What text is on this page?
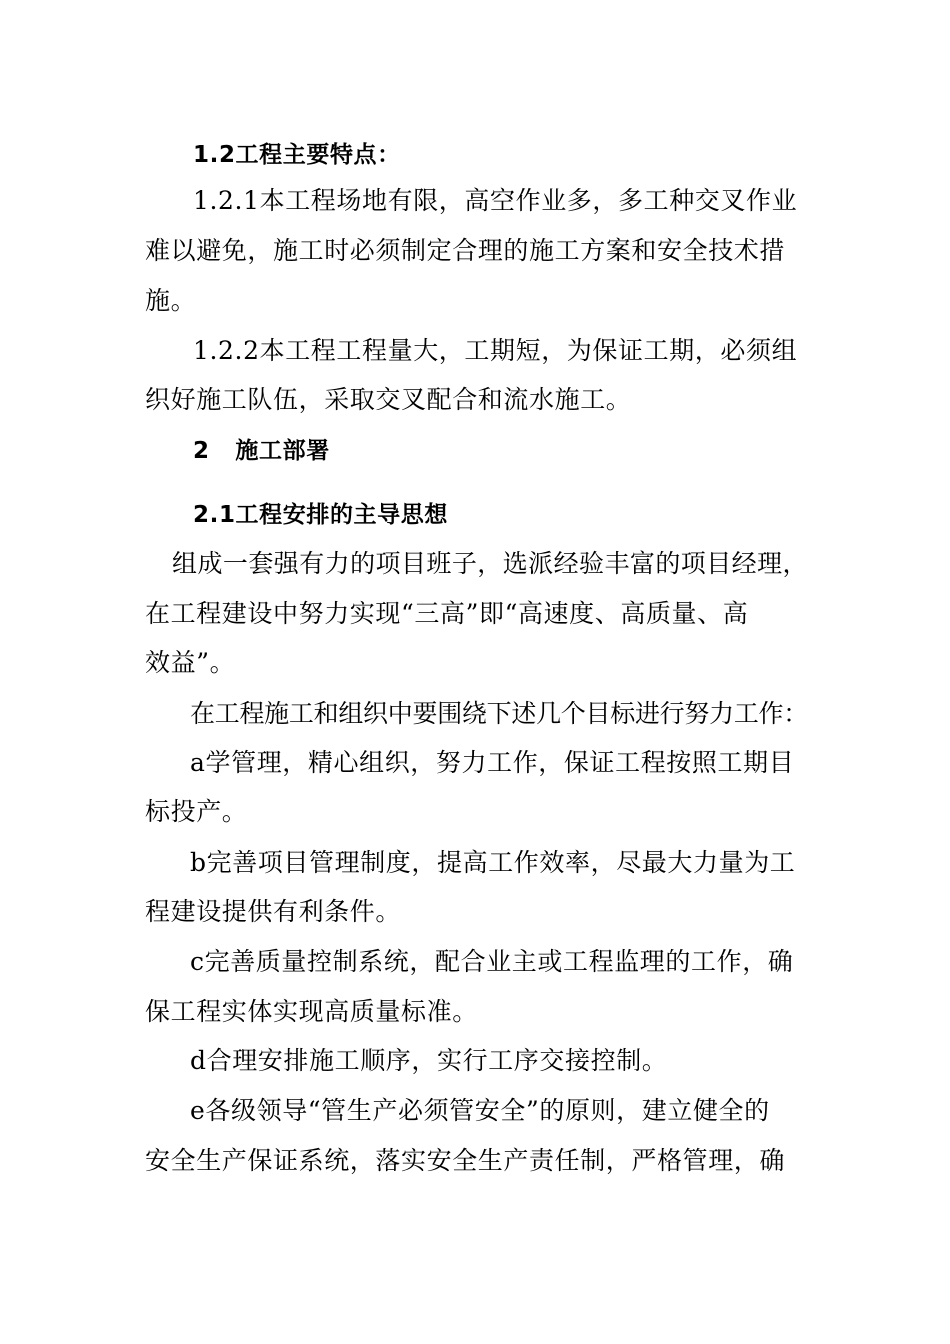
1.2工程主要特点：
1.2.1本工程场地有限，高空作业多，多工种交叉作业
难以避免，施工时必须制定合理的施工方案和安全技术措
施。
1.2.2本工程工程量大，工期短，为保证工期，必须组
织好施工队伍，采取交叉配合和流水施工。
2   施工部署
2.1工程安排的主导思想
组成一套强有力的项目班子，选派经验丰富的项目经理，
在工程建设中努力实现“三高”即“高速度、高质量、高
效益”。
在工程施工和组织中要围绕下述几个目标进行努力工作：
a学管理，精心组织，努力工作，保证工程按照工期目
标投产。
b完善项目管理制度，提高工作效率，尽最大力量为工
程建设提供有利条件。
c完善质量控制系统，配合业主或工程监理的工作，确
保工程实体实现高质量标准。
d合理安排施工顺序，实行工序交接控制。
e各级领导“管生产必须管安全”的原则，建立健全的
安全生产保证系统，落实安全生产责任制，严格管理，确
